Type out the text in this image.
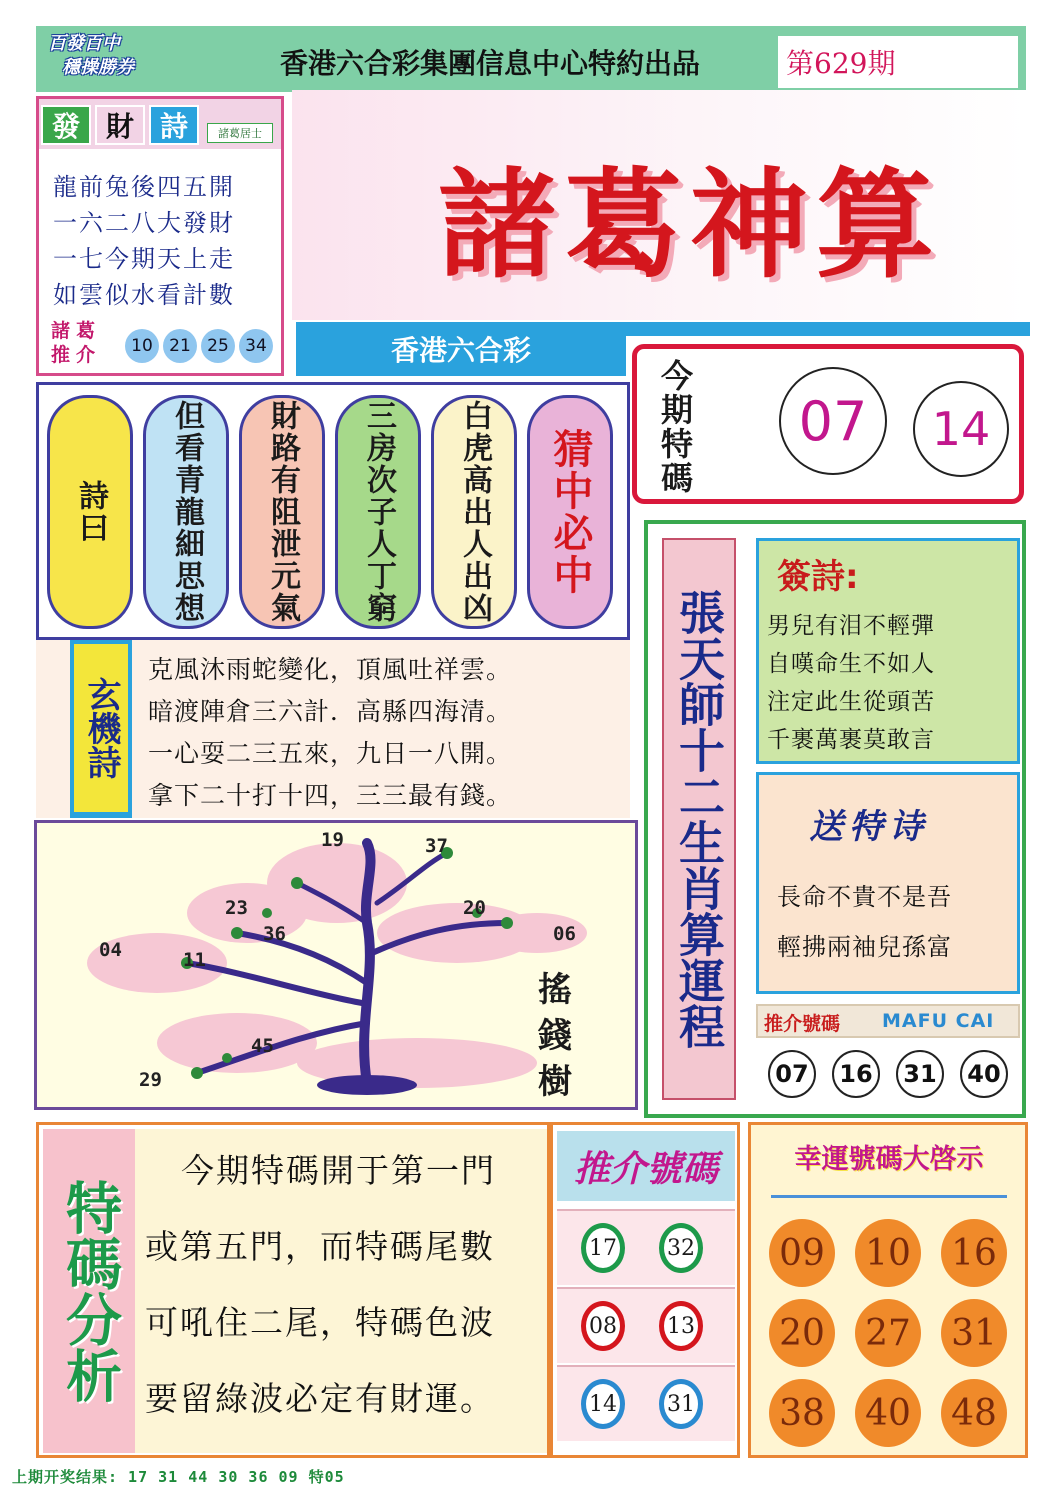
百發百中
穩操勝券	香港六合彩集團信息中心特約出品	第629期
發 財 詩	諸葛居士
龍前兔後四五開
一六二八大發財
一七今期天上走
如雲似水看計數
諸葛推介	10 21 25 34
諸葛神算
香港六合彩
今期特碼
07	14
詩曰	但看青龍細思想	財路有阻泄元氣	三房次子人丁窮	白虎高出人出凶	猜中必中
玄機詩
克風沐雨蛇變化，頂風吐祥雲。
暗渡陣倉三六計．高縣四海清。
一心耍二三五來，九日一八開。
拿下二十打十四，三三最有錢。
19	37
23
36
20
06
04	11
45
29
搖錢樹
張天師十二生肖算運程
簽詩:
男兒有泪不輕彈
自嘆命生不如人
注定此生從頭苦
千裹萬裹莫敢言
送特诗
長命不貴不是吾
輕拂兩袖兒孫富
推介號碼 MAFU CAI
07	16	31	40
特碼分析
今期特碼開于第一門
或第五門，而特碼尾數
可吼住二尾，特碼色波
要留綠波必定有財運。
推介號碼
17	32
08	13
14	31
幸運號碼大啓示
09 10 16
20 27 31
38 40 48
上期开奖结果: 17 31 44 30 36 09 特05
